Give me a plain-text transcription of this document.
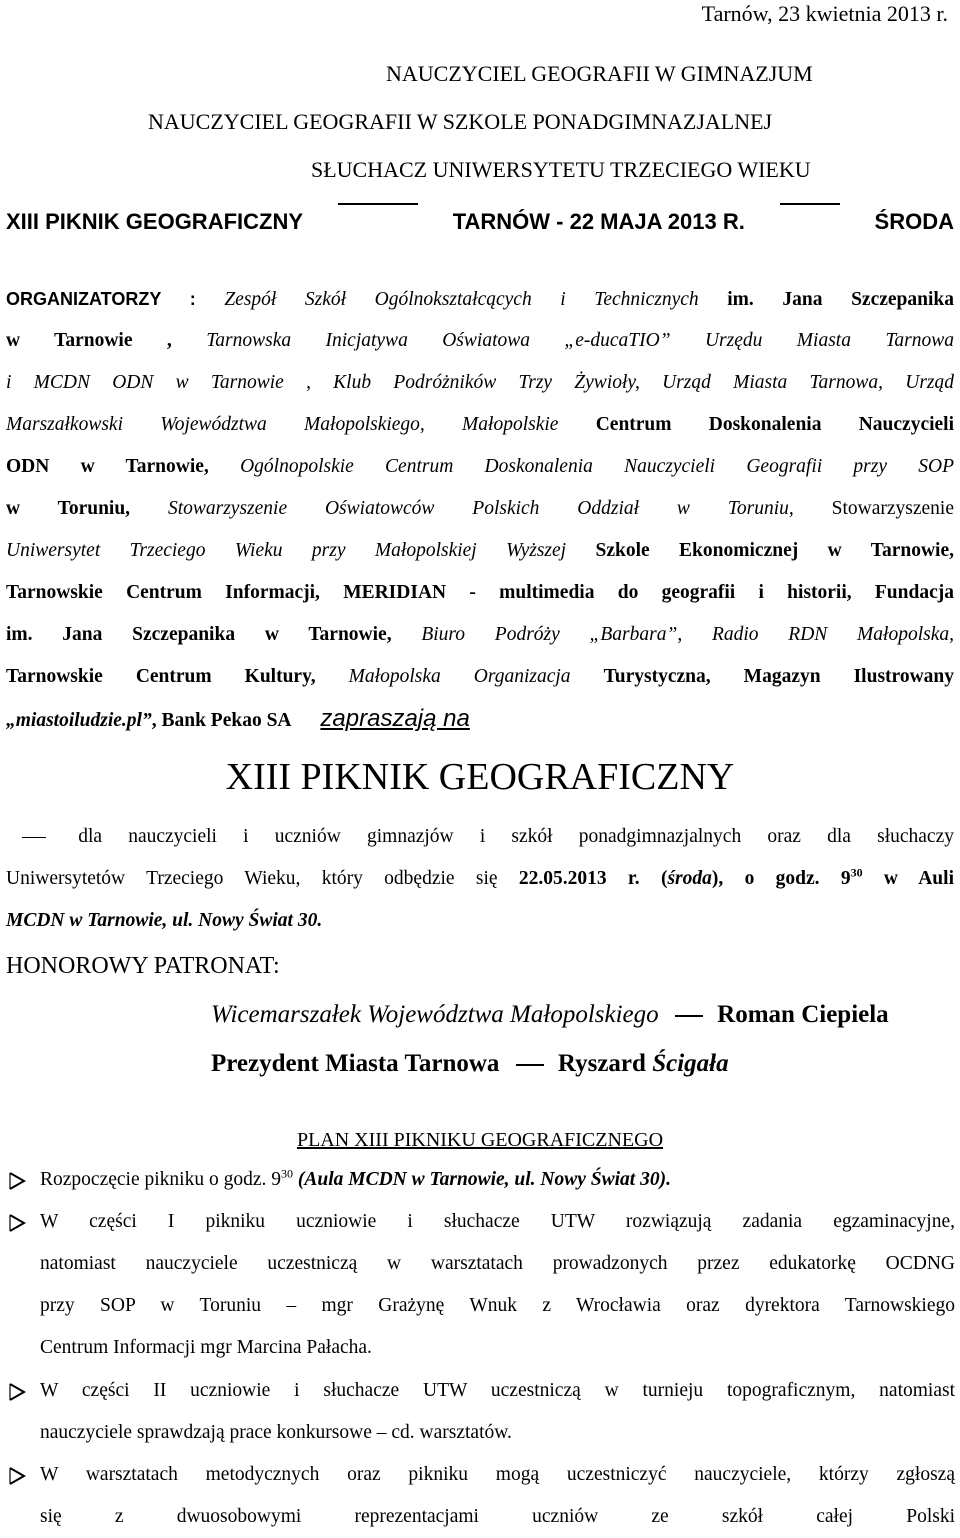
Tarnów, 23 kwietnia 2013 r.
NAUCZYCIEL GEOGRAFII W GIMNAZJUM
NAUCZYCIEL GEOGRAFII W SZKOLE PONADGIMNAZJALNEJ
SŁUCHACZ UNIWERSYTETU TRZECIEGO WIEKU
XIII PIKNIK GEOGRAFICZNY	TARNÓW - 22 MAJA 2013 R.	ŚRODA
ORGANIZATORZY : Zespół Szkół Ogólnokształcących i Technicznych im. Jana Szczepanika
w Tarnowie , Tarnowska Inicjatywa Oświatowa „e-ducaTIO” Urzędu Miasta Tarnowa
i MCDN ODN w Tarnowie , Klub Podróżników Trzy Żywioły, Urząd Miasta Tarnowa, Urząd
Marszałkowski Województwa Małopolskiego, Małopolskie Centrum Doskonalenia Nauczycieli
ODN w Tarnowie, Ogólnopolskie Centrum Doskonalenia Nauczycieli Geografii przy SOP
w Toruniu, Stowarzyszenie Oświatowców Polskich Oddział w Toruniu, Stowarzyszenie
Uniwersytet Trzeciego Wieku przy Małopolskiej Wyższej Szkole Ekonomicznej w Tarnowie,
Tarnowskie Centrum Informacji, MERIDIAN - multimedia do geografii i historii, Fundacja
im. Jana Szczepanika w Tarnowie, Biuro Podróży „Barbara”, Radio RDN Małopolska,
Tarnowskie Centrum Kultury, Małopolska Organizacja Turystyczna, Magazyn Ilustrowany
„miastoiludzie.pl”, Bank Pekao SA zapraszają na
XIII PIKNIK GEOGRAFICZNY
dla nauczycieli i uczniów gimnazjów i szkół ponadgimnazjalnych oraz dla słuchaczy
Uniwersytetów Trzeciego Wieku, który odbędzie się 22.05.2013 r. (środa), o godz. $9^{30}$ w Auli
MCDN w Tarnowie, ul. Nowy Świat 30.
HONOROWY PATRONAT:
Wicemarszałek Województwa Małopolskiego Roman Ciepiela
Prezydent Miasta Tarnowa Ryszard Ścigała
PLAN XIII PIKNIKU GEOGRAFICZNEGO
Rozpoczęcie pikniku o godz. $9^{30}$ (Aula MCDN w Tarnowie, ul. Nowy Świat 30).
W części I pikniku uczniowie i słuchacze UTW rozwiązują zadania egzaminacyjne,
natomiast nauczyciele uczestniczą w warsztatach prowadzonych przez edukatorkę OCDNG
przy SOP w Toruniu – mgr Grażynę Wnuk z Wrocławia oraz dyrektora Tarnowskiego
Centrum Informacji mgr Marcina Pałacha.
W części II uczniowie i słuchacze UTW uczestniczą w turnieju topograficznym, natomiast
nauczyciele sprawdzają prace konkursowe – cd. warsztatów.
W warsztatach metodycznych oraz pikniku mogą uczestniczyć nauczyciele, którzy zgłoszą
się z dwuosobowymi reprezentacjami uczniów ze szkół całej Polski
